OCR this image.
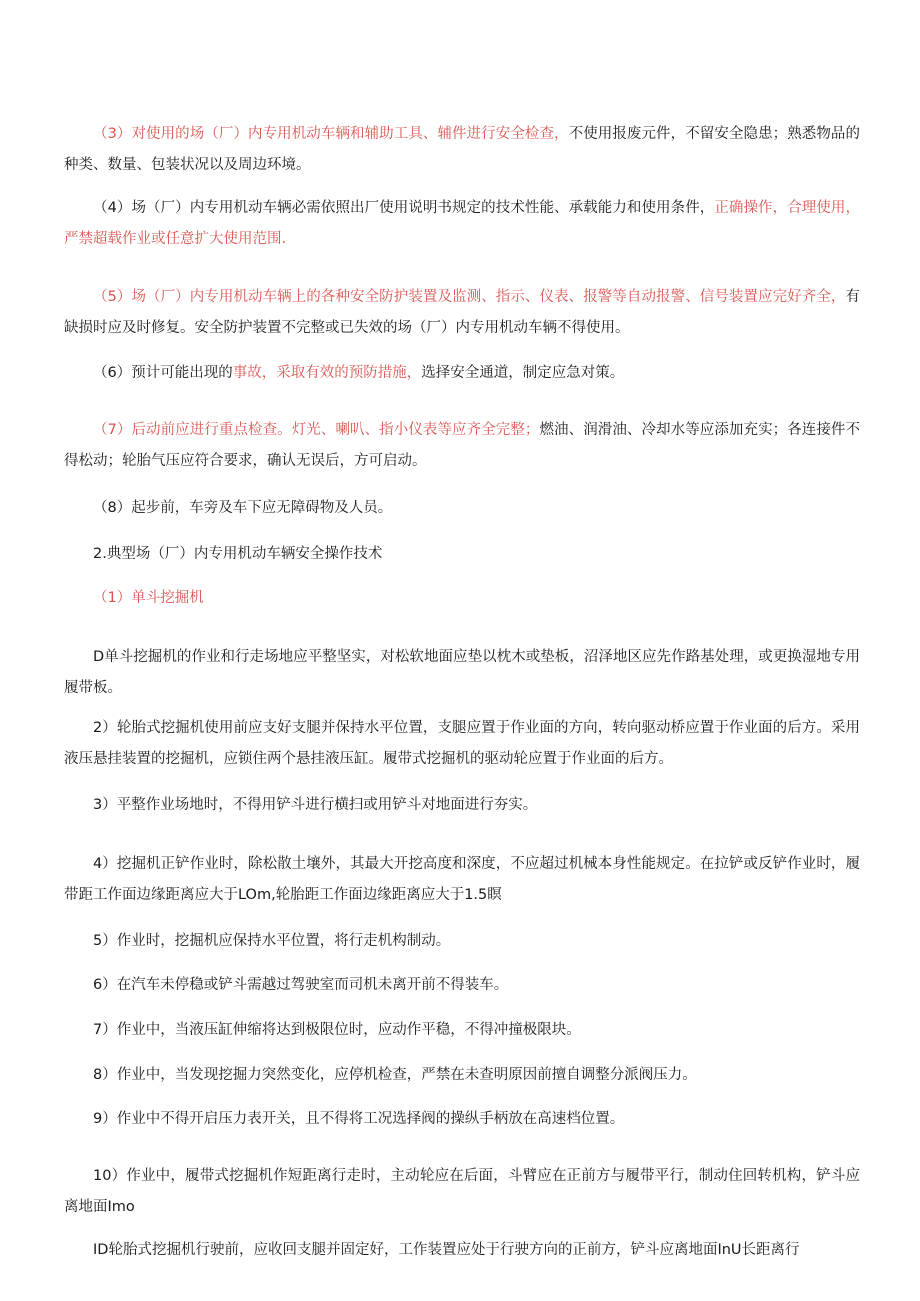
（3）对使用的场（厂）内专用机动车辆和辅助工具、辅件进行安全检查，不使用报废元件，不留安全隐患；熟悉物品的种类、数量、包装状况以及周边环境。

（4）场（厂）内专用机动车辆必需依照出厂使用说明书规定的技术性能、承载能力和使用条件，正确操作，合理使用，严禁超载作业或任意扩大使用范围.

（5）场（厂）内专用机动车辆上的各种安全防护装置及监测、指示、仪表、报警等自动报警、信号装置应完好齐全，有缺损时应及时修复。安全防护装置不完整或已失效的场（厂）内专用机动车辆不得使用。

（6）预计可能出现的事故，采取有效的预防措施，选择安全通道，制定应急对策。

（7）后动前应进行重点检查。灯光、喇叭、指小仪表等应齐全完整；燃油、润滑油、冷却水等应添加充实；各连接件不得松动；轮胎气压应符合要求，确认无误后，方可启动。

（8）起步前，车旁及车下应无障碍物及人员。

2.典型场（厂）内专用机动车辆安全操作技术

（1）单斗挖掘机

D单斗挖掘机的作业和行走场地应平整坚实，对松软地面应垫以枕木或垫板，沼泽地区应先作路基处理，或更换湿地专用履带板。

2）轮胎式挖掘机使用前应支好支腿并保持水平位置，支腿应置于作业面的方向，转向驱动桥应置于作业面的后方。采用液压悬挂装置的挖掘机，应锁住两个悬挂液压缸。履带式挖掘机的驱动轮应置于作业面的后方。

3）平整作业场地时，不得用铲斗进行横扫或用铲斗对地面进行夯实。

4）挖掘机正铲作业时，除松散土壤外，其最大开挖高度和深度，不应超过机械本身性能规定。在拉铲或反铲作业时，履带距工作面边缘距离应大于LOm,轮胎距工作面边缘距离应大于1.5瞑

5）作业时，挖掘机应保持水平位置，将行走机构制动。

6）在汽车未停稳或铲斗需越过驾驶室而司机未离开前不得装车。

7）作业中，当液压缸伸缩将达到极限位时，应动作平稳，不得冲撞极限块。

8）作业中，当发现挖掘力突然变化，应停机检查，严禁在未查明原因前擅自调整分派阀压力。

9）作业中不得开启压力表开关，且不得将工况选择阀的操纵手柄放在高速档位置。

10）作业中，履带式挖掘机作短距离行走时，主动轮应在后面，斗臂应在正前方与履带平行，制动住回转机构，铲斗应离地面Imo

ID轮胎式挖掘机行驶前，应收回支腿并固定好，工作装置应处于行驶方向的正前方，铲斗应离地面InU长距离行
